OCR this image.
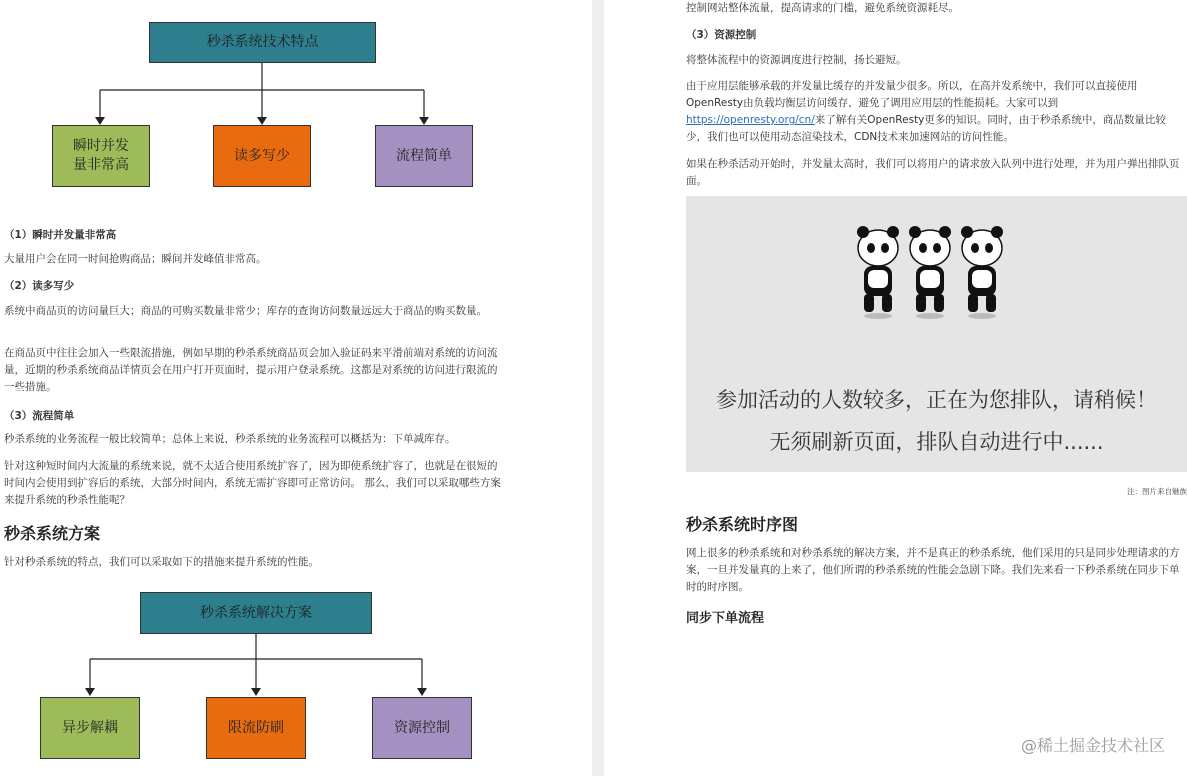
秒杀系统技术特点
瞬时并发
量非常高
读多写少	流程简单
（1）瞬时并发量非常高

大量用户会在同一时间抢购商品；瞬间并发峰值非常高。

（2）读多写少

系统中商品页的访问量巨大；商品的可购买数量非常少；库存的查询访问数量远远大于商品的购买数量。

在商品页中往往会加入一些限流措施，例如早期的秒杀系统商品页会加入验证码来平滑前端对系统的访问流量，近期的秒杀系统商品详情页会在用户打开页面时，提示用户登录系统。这都是对系统的访问进行限流的一些措施。

（3）流程简单

秒杀系统的业务流程一般比较简单；总体上来说，秒杀系统的业务流程可以概括为：下单减库存。

针对这种短时间内大流量的系统来说，就不太适合使用系统扩容了，因为即使系统扩容了，也就是在很短的时间内会使用到扩容后的系统，大部分时间内，系统无需扩容即可正常访问。 那么，我们可以采取哪些方案来提升系统的秒杀性能呢？

秒杀系统方案

针对秒杀系统的特点，我们可以采取如下的措施来提升系统的性能。

秒杀系统解决方案
异步解耦	限流防刷	资源控制

控制网站整体流量，提高请求的门槛，避免系统资源耗尽。

（3）资源控制

将整体流程中的资源调度进行控制，扬长避短。

由于应用层能够承载的并发量比缓存的并发量少很多。所以，在高并发系统中，我们可以直接使用OpenResty由负载均衡层访问缓存，避免了调用应用层的性能损耗。大家可以到https://openresty.org/cn/来了解有关OpenResty更多的知识。同时，由于秒杀系统中，商品数量比较少，我们也可以使用动态渲染技术，CDN技术来加速网站的访问性能。

如果在秒杀活动开始时，并发量太高时，我们可以将用户的请求放入队列中进行处理，并为用户弹出排队页面。

参加活动的人数较多，正在为您排队，请稍候！
无须刷新页面，排队自动进行中......
注：图片来自魅族
秒杀系统时序图

网上很多的秒杀系统和对秒杀系统的解决方案，并不是真正的秒杀系统，他们采用的只是同步处理请求的方案，一旦并发量真的上来了，他们所谓的秒杀系统的性能会急剧下降。我们先来看一下秒杀系统在同步下单时的时序图。

同步下单流程
@稀土掘金技术社区
